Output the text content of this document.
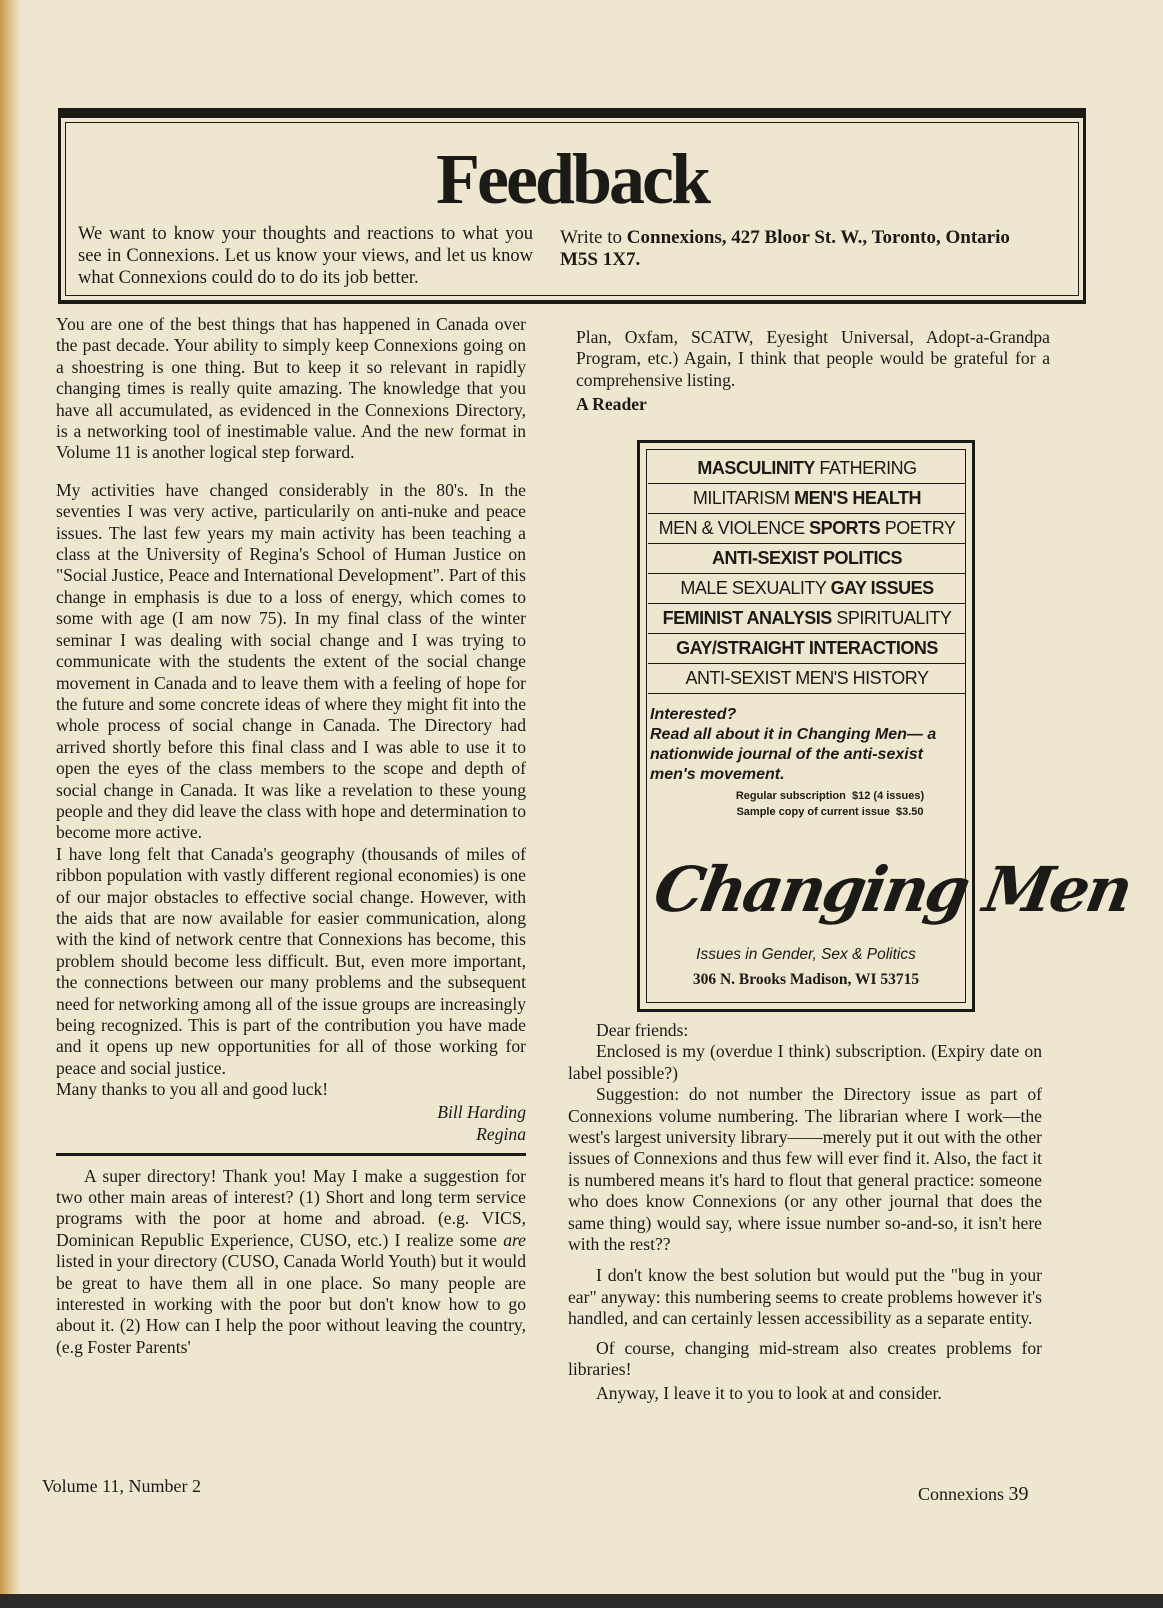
Feedback
We want to know your thoughts and reactions to what you see in Connexions. Let us know your views, and let us know what Connexions could do to do its job better.
Write to Connexions, 427 Bloor St. W., Toronto, Ontario M5S 1X7.

You are one of the best things that has happened in Canada over the past decade. Your ability to simply keep Connexions going on a shoestring is one thing. But to keep it so relevant in rapidly changing times is really quite amazing. The knowledge that you have all accumulated, as evidenced in the Connexions Directory, is a networking tool of inestimable value. And the new format in Volume 11 is another logical step forward.

My activities have changed considerably in the 80's. In the seventies I was very active, particularily on anti-nuke and peace issues. The last few years my main activity has been teaching a class at the University of Regina's School of Human Justice on "Social Justice, Peace and International Development". Part of this change in emphasis is due to a loss of energy, which comes to some with age (I am now 75). In my final class of the winter seminar I was dealing with social change and I was trying to communicate with the students the extent of the social change movement in Canada and to leave them with a feeling of hope for the future and some concrete ideas of where they might fit into the whole process of social change in Canada. The Directory had arrived shortly before this final class and I was able to use it to open the eyes of the class members to the scope and depth of social change in Canada. It was like a revelation to these young people and they did leave the class with hope and determination to become more active.

I have long felt that Canada's geography (thousands of miles of ribbon population with vastly different regional economies) is one of our major obstacles to effective social change. However, with the aids that are now available for easier communication, along with the kind of network centre that Connexions has become, this problem should become less difficult. But, even more important, the connections between our many problems and the subsequent need for networking among all of the issue groups are increasingly being recognized. This is part of the contribution you have made and it opens up new opportunities for all of those working for peace and social justice.

Many thanks to you all and good luck!

Bill Harding

Regina

A super directory! Thank you! May I make a suggestion for two other main areas of interest? (1) Short and long term service programs with the poor at home and abroad. (e.g. VICS, Dominican Republic Experience, CUSO, etc.) I realize some are listed in your directory (CUSO, Canada World Youth) but it would be great to have them all in one place. So many people are interested in working with the poor but don't know how to go about it. (2) How can I help the poor without leaving the country, (e.g Foster Parents'

Plan, Oxfam, SCATW, Eyesight Universal, Adopt-a-Grandpa Program, etc.) Again, I think that people would be grateful for a comprehensive listing.

A Reader

MASCULINITY FATHERING
MILITARISM MEN'S HEALTH
MEN & VIOLENCE SPORTS POETRY
ANTI-SEXIST POLITICS
MALE SEXUALITY GAY ISSUES
FEMINIST ANALYSIS SPIRITUALITY
GAY/STRAIGHT INTERACTIONS
ANTI-SEXIST MEN'S HISTORY
Interested?
Read all about it in Changing Men— a nationwide journal of the anti-sexist men's movement.
Regular subscription $12 (4 issues)
Sample copy of current issue $3.50
Changing Men
Issues in Gender, Sex & Politics
306 N. Brooks Madison, WI 53715

Dear friends:

Enclosed is my (overdue I think) subscription. (Expiry date on label possible?)

Suggestion: do not number the Directory issue as part of Connexions volume numbering. The librarian where I work—the west's largest university library——merely put it out with the other issues of Connexions and thus few will ever find it. Also, the fact it is numbered means it's hard to flout that general practice: someone who does know Connexions (or any other journal that does the same thing) would say, where issue number so-and-so, it isn't here with the rest??

I don't know the best solution but would put the "bug in your ear" anyway: this numbering seems to create problems however it's handled, and can certainly lessen accessibility as a separate entity.

Of course, changing mid-stream also creates problems for libraries!

Anyway, I leave it to you to look at and consider.

Volume 11, Number 2	Connexions 39
